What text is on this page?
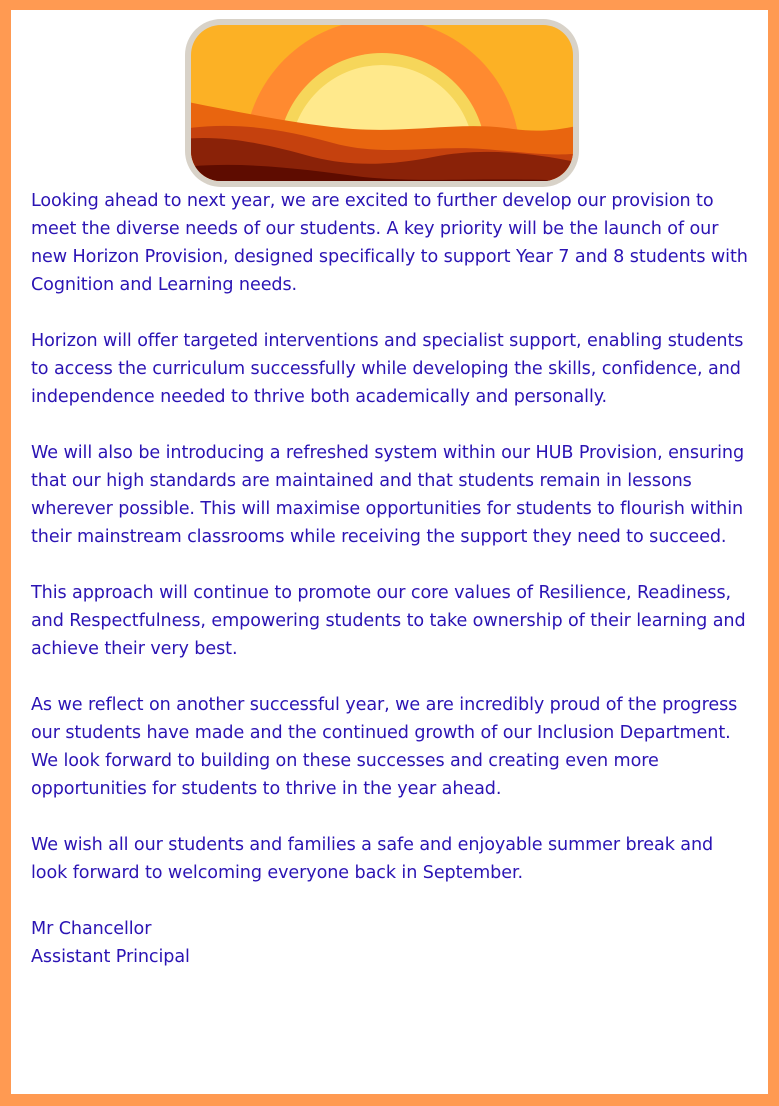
Looking ahead to next year, we are excited to further develop our provision to meet the diverse needs of our students. A key priority will be the launch of our new Horizon Provision, designed specifically to support Year 7 and 8 students with Cognition and Learning needs.

Horizon will offer targeted interventions and specialist support, enabling students to access the curriculum successfully while developing the skills, confidence, and independence needed to thrive both academically and personally.

We will also be introducing a refreshed system within our HUB Provision, ensuring that our high standards are maintained and that students remain in lessons wherever possible. This will maximise opportunities for students to flourish within their mainstream classrooms while receiving the support they need to succeed.

This approach will continue to promote our core values of Resilience, Readiness, and Respectfulness, empowering students to take ownership of their learning and achieve their very best.

As we reflect on another successful year, we are incredibly proud of the progress our students have made and the continued growth of our Inclusion Department. We look forward to building on these successes and creating even more opportunities for students to thrive in the year ahead.

We wish all our students and families a safe and enjoyable summer break and look forward to welcoming everyone back in September.

Mr Chancellor

Assistant Principal
